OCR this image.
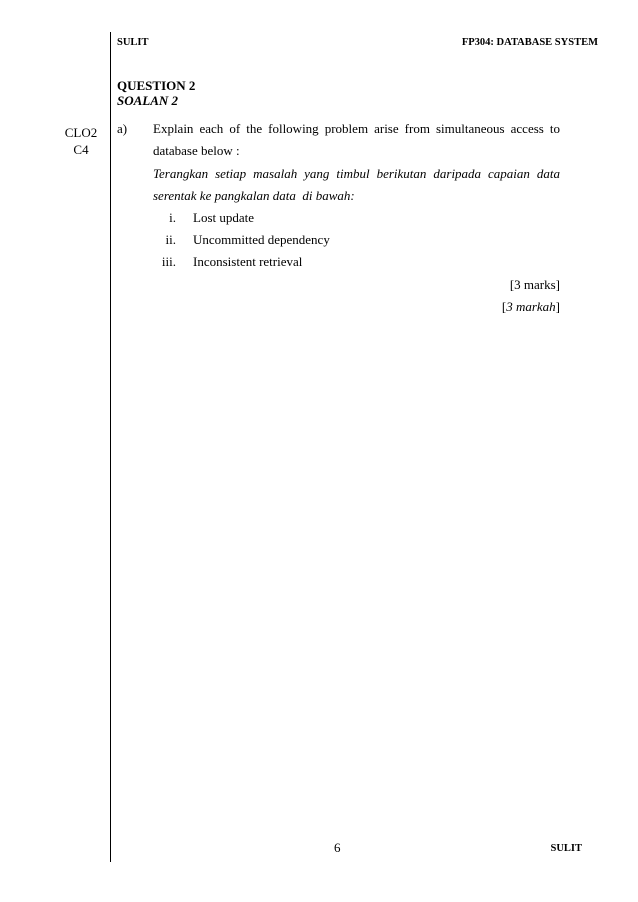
SULIT	FP304: DATABASE SYSTEM
QUESTION 2
SOALAN 2
CLO2
C4
a) Explain each of the following problem arise from simultaneous access to
database below :
Terangkan setiap masalah yang timbul berikutan daripada capaian data
serentak ke pangkalan data  di bawah:
i. Lost update
ii. Uncommitted dependency
iii. Inconsistent retrieval
[3 marks]
[3 markah]
6	SULIT
